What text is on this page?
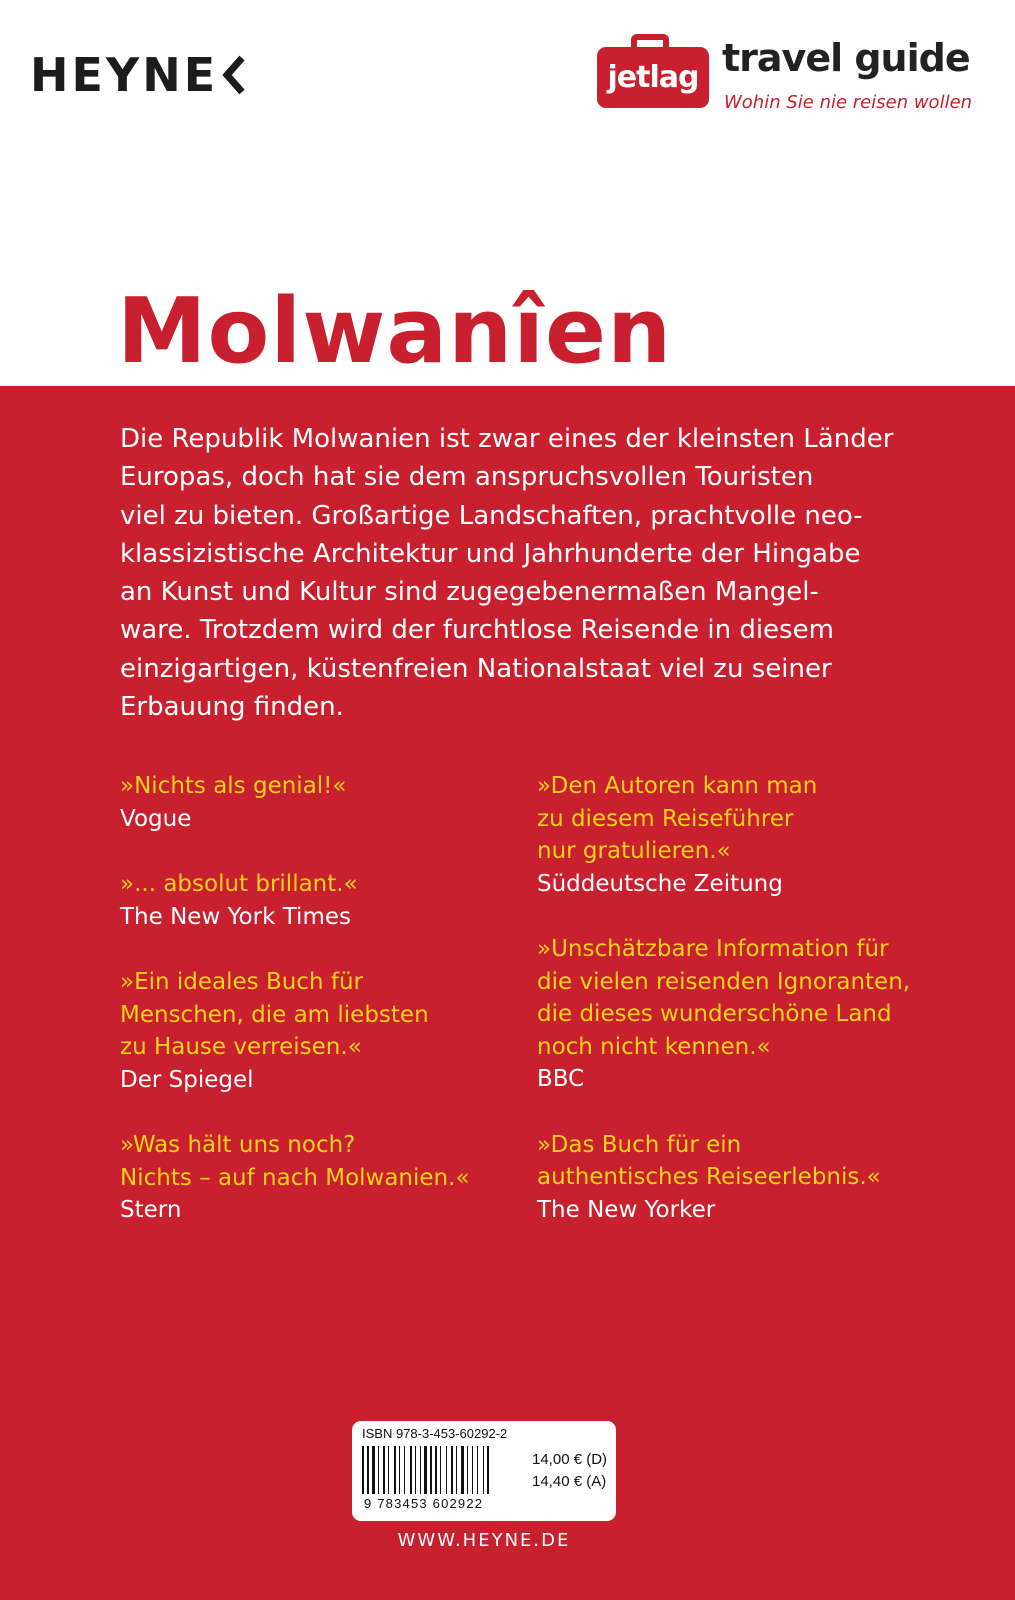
HEYNE	jetlag travel guide
Wohin Sie nie reisen wollen
Molwanîen
Die Republik Molwanien ist zwar eines der kleinsten Länder
Europas, doch hat sie dem anspruchsvollen Touristen
viel zu bieten. Großartige Landschaften, prachtvolle neo-
klassizistische Architektur und Jahrhunderte der Hingabe
an Kunst und Kultur sind zugegebenermaßen Mangel-
ware. Trotzdem wird der furchtlose Reisende in diesem
einzigartigen, küstenfreien Nationalstaat viel zu seiner
Erbauung finden.
»Nichts als genial!«
Vogue
»... absolut brillant.«
The New York Times
»Ein ideales Buch für
Menschen, die am liebsten
zu Hause verreisen.«
Der Spiegel
»Was hält uns noch?
Nichts – auf nach Molwanien.«
Stern
»Den Autoren kann man
zu diesem Reiseführer
nur gratulieren.«
Süddeutsche Zeitung
»Unschätzbare Information für
die vielen reisenden Ignoranten,
die dieses wunderschöne Land
noch nicht kennen.«
BBC
»Das Buch für ein
authentisches Reiseerlebnis.«
The New Yorker
ISBN 978-3-453-60292-2
9 783453 602922
14,00 € (D)
14,40 € (A)
WWW.HEYNE.DE
